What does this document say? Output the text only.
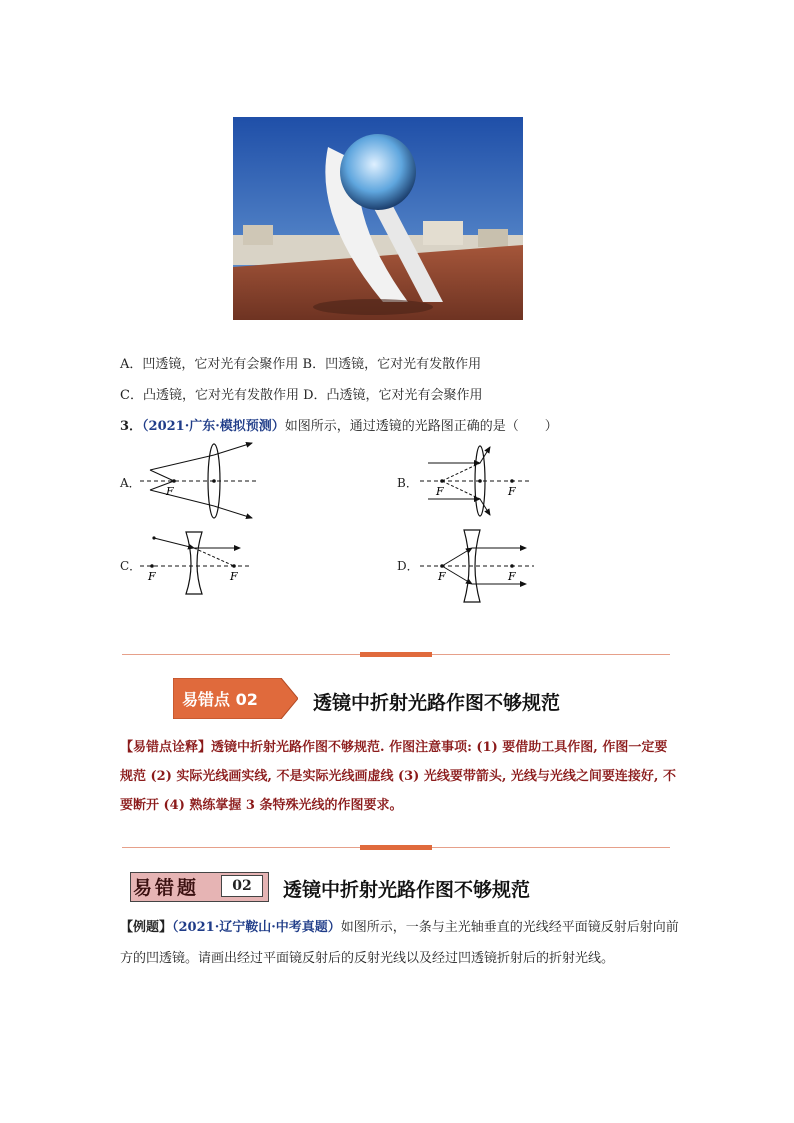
A．凹透镜，它对光有会聚作用 B．凹透镜，它对光有发散作用
C．凸透镜，它对光有发散作用 D．凸透镜，它对光有会聚作用
3．（2021·广东·模拟预测）如图所示，通过透镜的光路图正确的是（　　）
A．	B．
C．	D．
F	F	F
F	F	F	F
易错点 02	透镜中折射光路作图不够规范
【易错点诠释】透镜中折射光路作图不够规范. 作图注意事项: (1) 要借助工具作图, 作图一定要规范 (2) 实际光线画实线, 不是实际光线画虚线 (3) 光线要带箭头, 光线与光线之间要连接好, 不要断开 (4) 熟练掌握 3 条特殊光线的作图要求。
易错题	02	透镜中折射光路作图不够规范
【例题】（2021·辽宁鞍山·中考真题）如图所示，一条与主光轴垂直的光线经平面镜反射后射向前方的凹透镜。请画出经过平面镜反射后的反射光线以及经过凹透镜折射后的折射光线。
